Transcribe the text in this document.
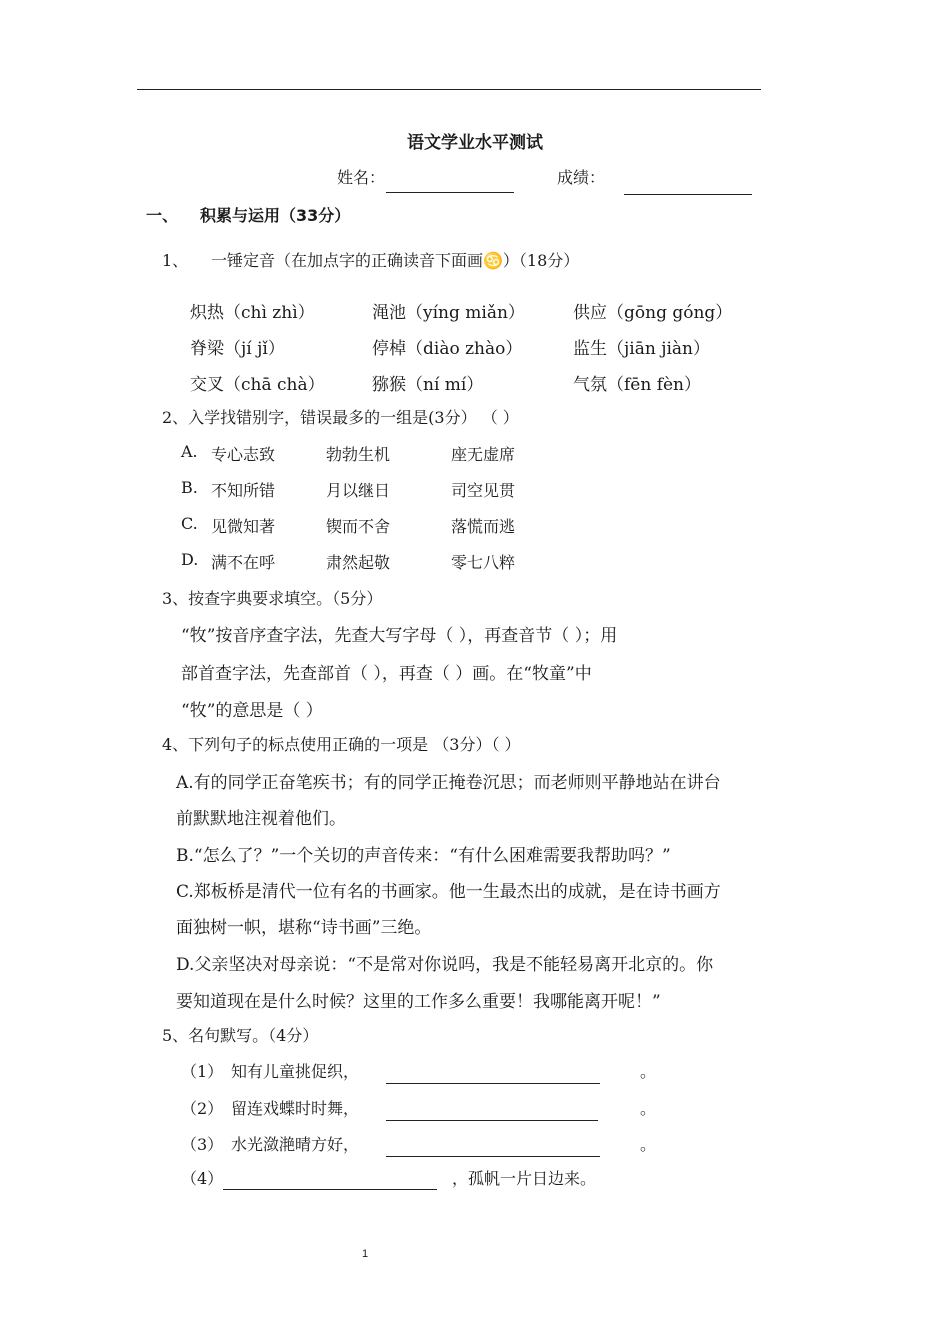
语文学业水平测试
姓名：	成绩：
一、 积累与运用（33分）
1、 一锤定音（在加点字的正确读音下面画♋）（18分）
炽热（chì zhì）	渑池（yíng miǎn）	供应（gōng góng）
脊梁（jí jǐ）	停棹（diào zhào）	监生（jiān jiàn）
交叉（chā chà）	猕猴（ní mí）	气氛（fēn fèn）
2、入学找错别字，错误最多的一组是(3分） （ ）
A. 专心志致	勃勃生机	座无虚席
B. 不知所错	月以继日	司空见贯
C. 见微知著	锲而不舍	落慌而逃
D. 满不在呼	肃然起敬	零七八粹
3、按查字典要求填空。（5分）
“牧”按音序查字法，先查大写字母（ ），再查音节（ ）；用
部首查字法，先查部首（ ），再查（ ）画。在“牧童”中
“牧”的意思是（ ）
4、下列句子的标点使用正确的一项是 （3分）（ ）
A.有的同学正奋笔疾书；有的同学正掩卷沉思；而老师则平静地站在讲台
前默默地注视着他们。
B.“怎么了？”一个关切的声音传来：“有什么困难需要我帮助吗？”
C.郑板桥是清代一位有名的书画家。他一生最杰出的成就，是在诗书画方
面独树一帜，堪称“诗书画”三绝。
D.父亲坚决对母亲说：“不是常对你说吗，我是不能轻易离开北京的。你
要知道现在是什么时候？这里的工作多么重要！我哪能离开呢！”
5、名句默写。（4分）
（1） 知有儿童挑促织，	。
（2） 留连戏蝶时时舞，	。
（3） 水光潋滟晴方好，	。
（4）	，孤帆一片日边来。
1
